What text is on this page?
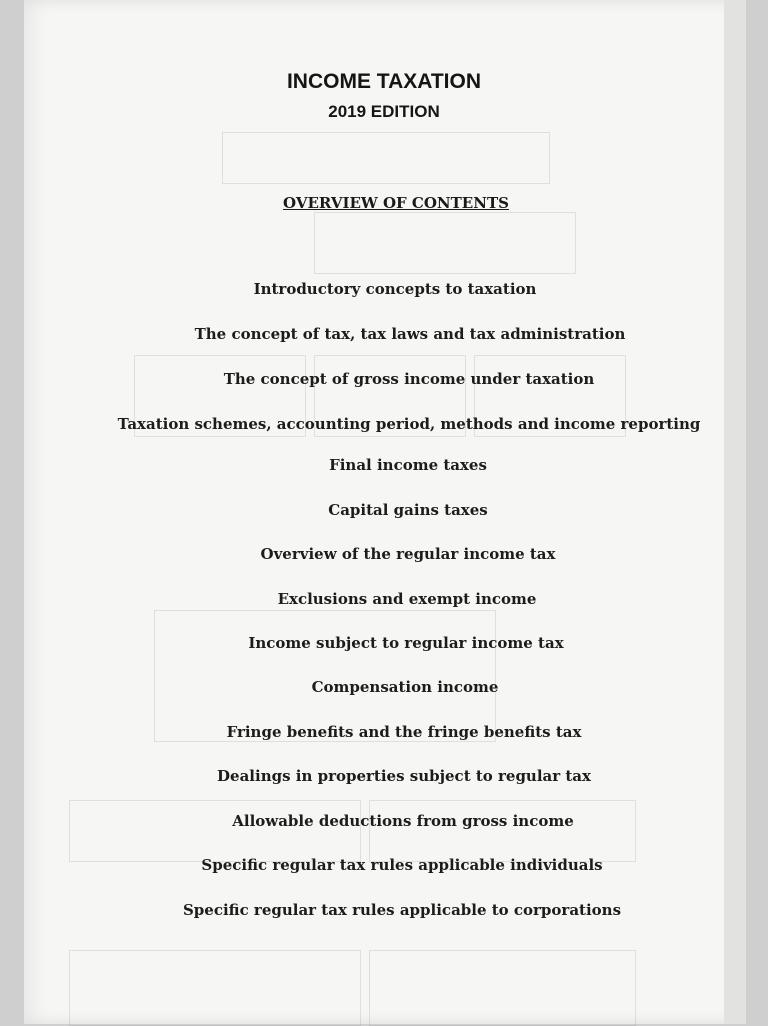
INCOME TAXATION
2019 EDITION
OVERVIEW OF CONTENTS
Introductory concepts to taxation
The concept of tax, tax laws and tax administration
The concept of gross income under taxation
Taxation schemes, accounting period, methods and income reporting
Final income taxes
Capital gains taxes
Overview of the regular income tax
Exclusions and exempt income
Income subject to regular income tax
Compensation income
Fringe benefits and the fringe benefits tax
Dealings in properties subject to regular tax
Allowable deductions from gross income
Specific regular tax rules applicable individuals
Specific regular tax rules applicable to corporations
